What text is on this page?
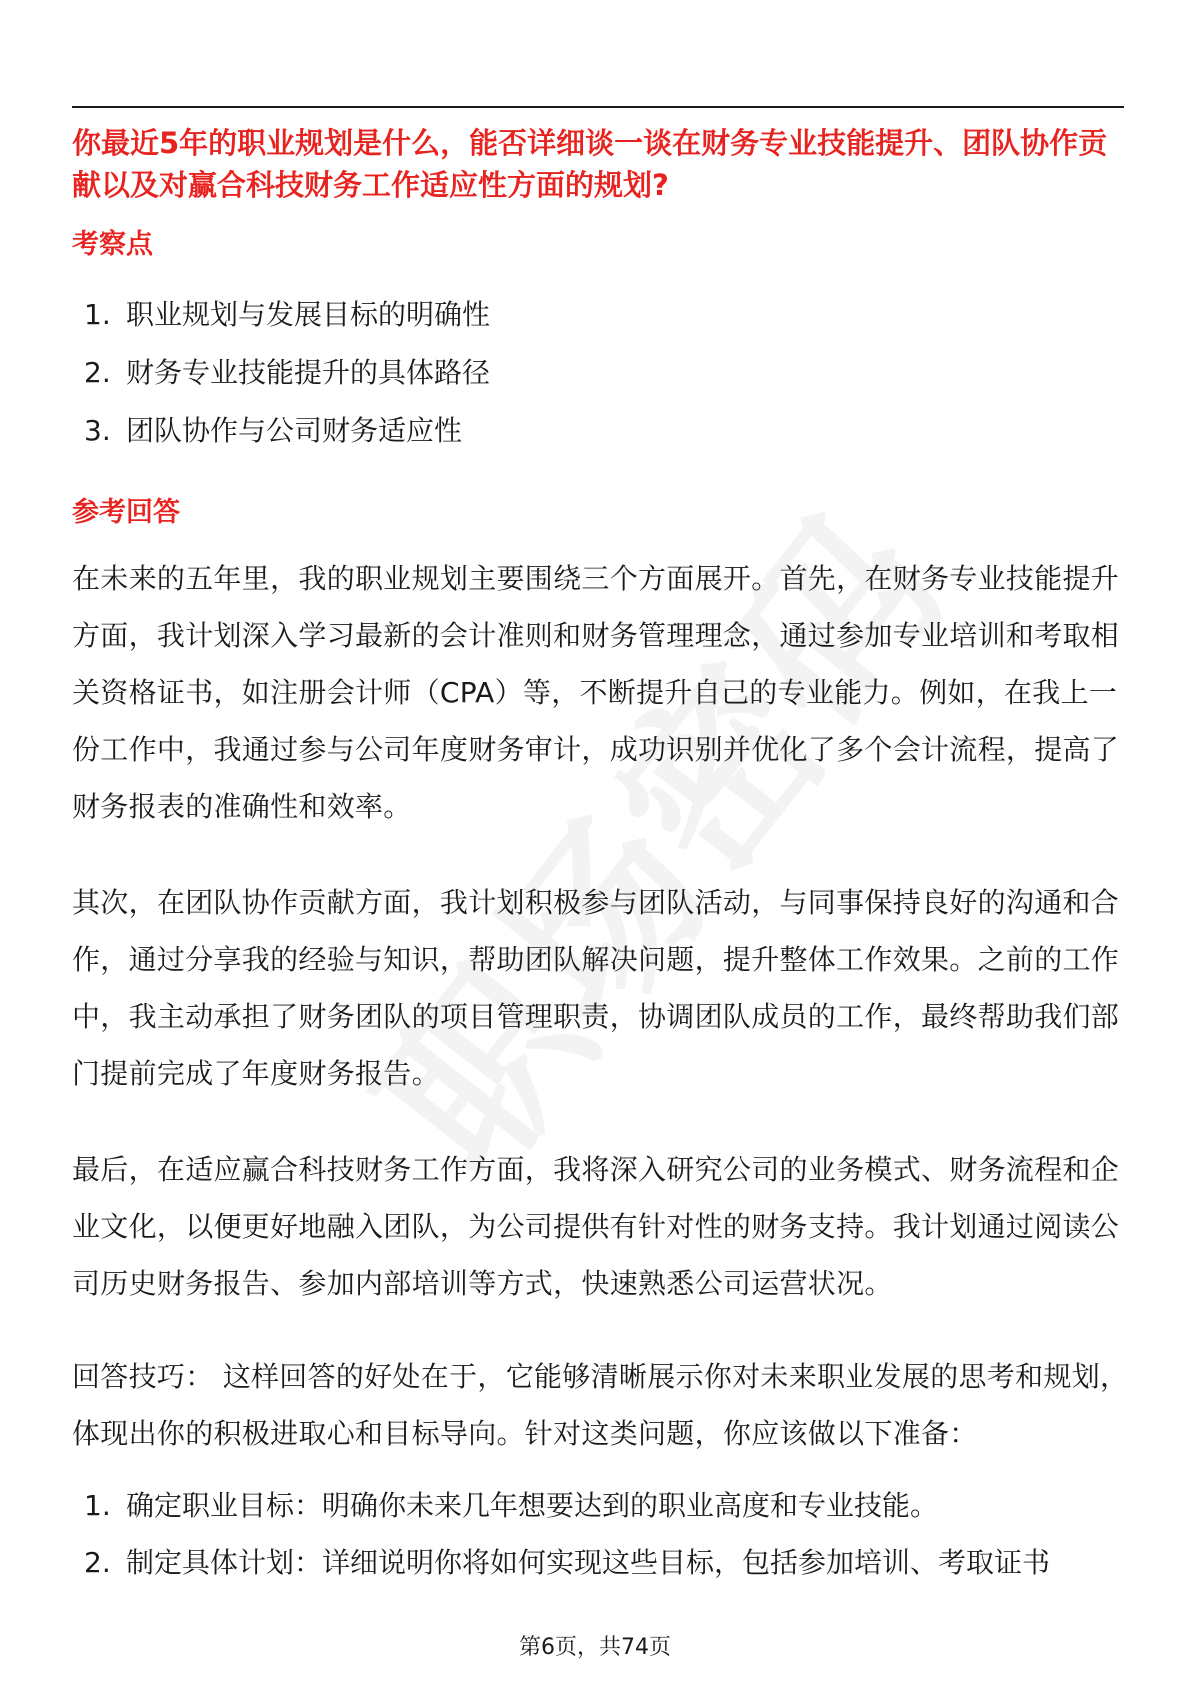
你最近5年的职业规划是什么，能否详细谈一谈在财务专业技能提升、团队协作贡献以及对赢合科技财务工作适应性方面的规划?

考察点
1. 职业规划与发展目标的明确性
2. 财务专业技能提升的具体路径
3. 团队协作与公司财务适应性
参考回答

在未来的五年里，我的职业规划主要围绕三个方面展开。首先，在财务专业技能提升方面，我计划深入学习最新的会计准则和财务管理理念，通过参加专业培训和考取相关资格证书，如注册会计师（CPA）等，不断提升自己的专业能力。例如，在我上一份工作中，我通过参与公司年度财务审计，成功识别并优化了多个会计流程，提高了财务报表的准确性和效率。

其次，在团队协作贡献方面，我计划积极参与团队活动，与同事保持良好的沟通和合作，通过分享我的经验与知识，帮助团队解决问题，提升整体工作效果。之前的工作中，我主动承担了财务团队的项目管理职责，协调团队成员的工作，最终帮助我们部门提前完成了年度财务报告。

最后，在适应赢合科技财务工作方面，我将深入研究公司的业务模式、财务流程和企业文化，以便更好地融入团队，为公司提供有针对性的财务支持。我计划通过阅读公司历史财务报告、参加内部培训等方式，快速熟悉公司运营状况。

回答技巧： 这样回答的好处在于，它能够清晰展示你对未来职业发展的思考和规划，体现出你的积极进取心和目标导向。针对这类问题，你应该做以下准备：

1. 确定职业目标：明确你未来几年想要达到的职业高度和专业技能。
2. 制定具体计划：详细说明你将如何实现这些目标，包括参加培训、考取证书
第6页，共74页
